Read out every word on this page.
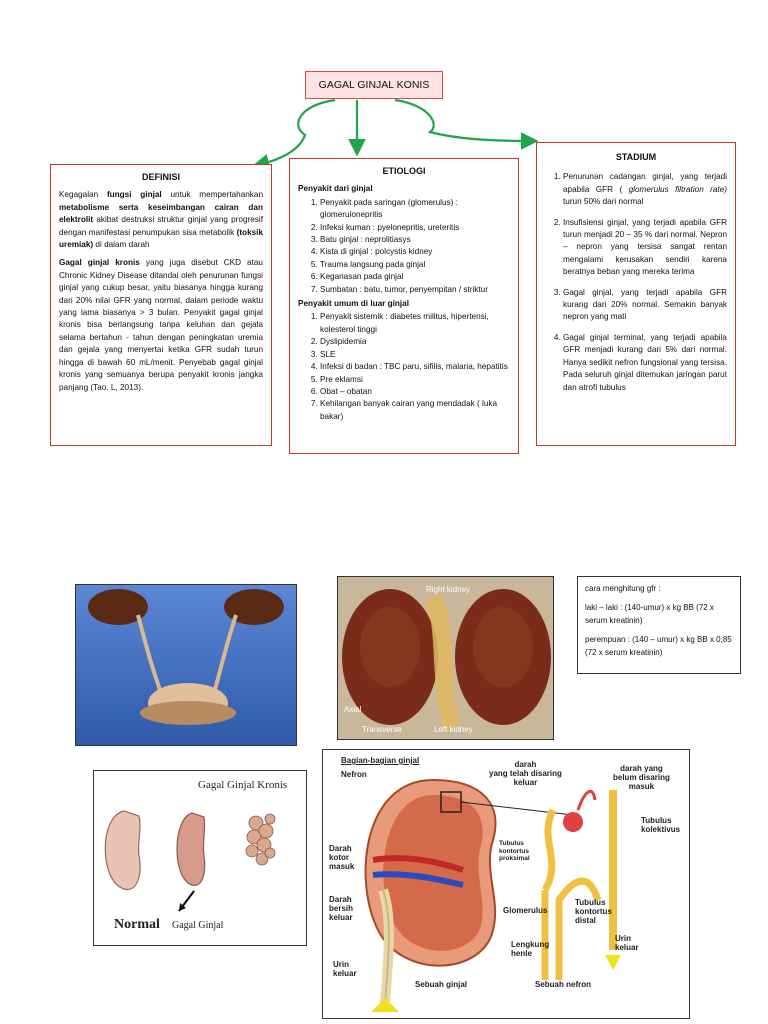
GAGAL GINJAL KONIS
DEFINISI

Kegagalan fungsi ginjal untuk mempertahankan metabolisme serta keseimbangan cairan dan elektrolit akibat destruksi struktur ginjal yang progresif dengan manifestasi penumpukan sisa metabolik (toksik uremiak) di dalam darah

Gagal ginjal kronis yang juga disebut CKD atau Chronic Kidney Disease ditandai oleh penurunan fungsi ginjal yang cukup besar, yaitu biasanya hingga kurang dari 20% nilai GFR yang normal, dalam periode waktu yang lama biasanya > 3 bulan. Penyakit gagal ginjal kronis bisa berlangsung tanpa keluhan dan gejala selama bertahun - tahun dengan peningkatan uremia dan gejala yang menyertai ketika GFR sudah turun hingga di bawah 60 mL/menit. Penyebab gagal ginjal kronis yang semuanya berupa penyakit kronis jangka panjang (Tao. L, 2013).

ETIOLOGI
Penyakit dari ginjal
1. Penyakit pada saringan (glomerulus) : glomerulonepritis
2. Infeksi kuman : pyelonepritis, ureteritis
3. Batu ginjal : neprolitiasys
4. Kista di ginjal : polcystis kidney
5. Trauma langsung pada ginjal
6. Keganasan pada ginjal
7. Sumbatan : batu, tumor, penyempitan / striktur
Penyakit umum di luar ginjal
1. Penyakit sistemik : diabetes militus, hipertensi, kolesterol tinggi
2. Dyslipidemia
3. SLE
4. Infeksi di badan : TBC paru, sifilis, malaria, hepatitis
5. Pre eklamsi
6. Obat – obatan
7. Kehilangan banyak cairan yang mendadak ( luka bakar)
STADIUM
1. Penurunan cadangan ginjal, yang terjadi apabila GFR ( glomerulus filtration rate) turun 50% dari normal
2. Insufisiensi ginjal, yang terjadi apabila GFR turun menjadi 20 – 35 % dari normal. Nepron – nepron yang tersisa sangat rentan mengalami kerusakan sendiri karena beratnya beban yang mereka terima
3. Gagal ginjal, yang terjadi apabila GFR kurang dari 20% normal. Semakin banyak nepron yang mati
4. Gagal ginjal terminal, yang terjadi apabila GFR menjadi kurang dari 5% dari normal. Hanya sedikit nefron fungsional yang tersisa. Pada seluruh ginjal ditemukan jaringan parut dan atrofi tubulus
Right kidney
Left kidney
Axial
Transverse

cara menghitung gfr :

laki – laki : (140-umur) x kg BB (72 x serum kreatinin)

perempuan : (140 – umur) x kg BB x 0,85 (72 x serum kreatinin)

Gagal Ginjal Kronis
Normal Gagal Ginjal
Bagian-bagian ginjal
Nefron
Darah
kotor
masuk
Darah
bersih
keluar
Urin
keluar
Sebuah ginjal
darah
yang telah disaring
keluar
darah yang
belum disaring
masuk
Tubulus
kontortus
proksimal
Tubulus
kolektivus
Glomerulus
Tubulus
kontortus
distal
Lengkung
henle
Urin
keluar
Sebuah nefron
